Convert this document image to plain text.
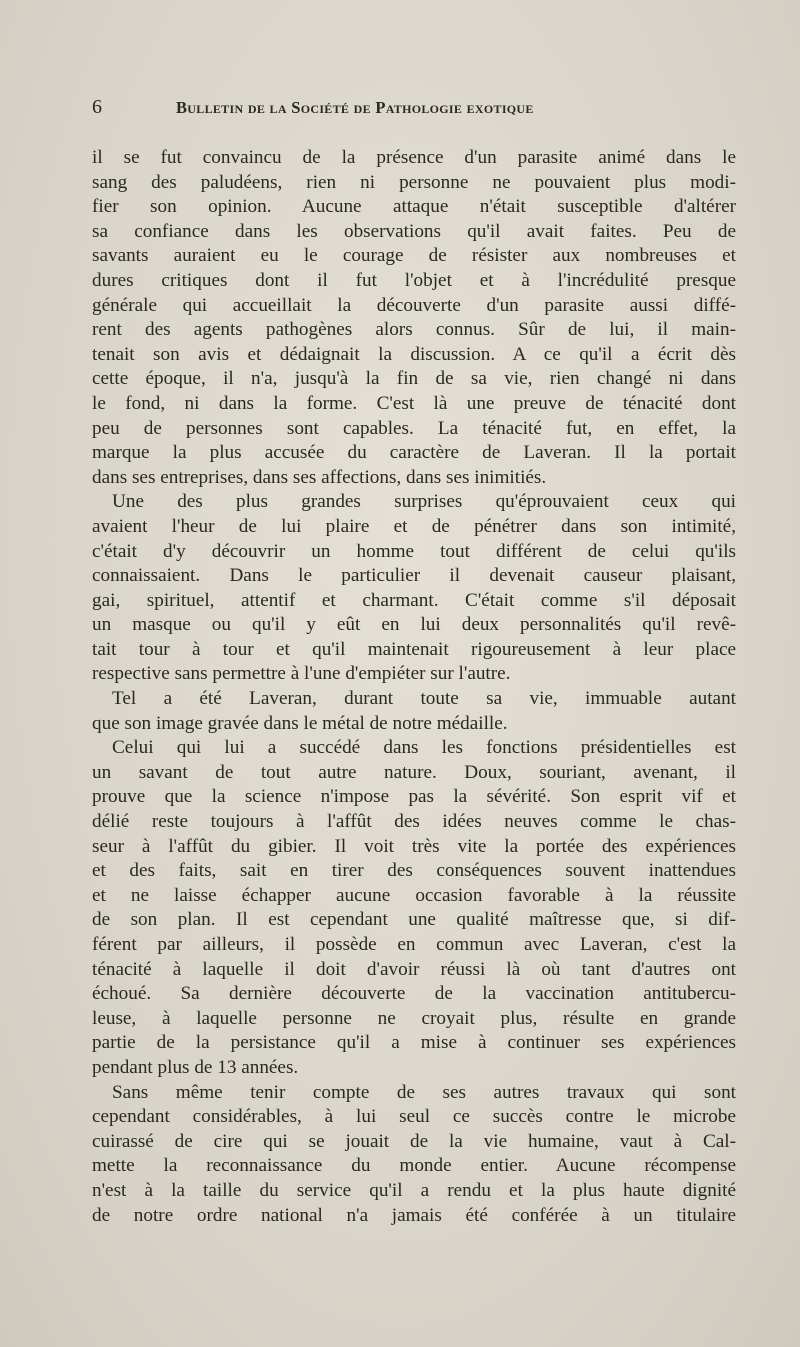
6	Bulletin de la Société de Pathologie exotique
il se fut convaincu de la présence d'un parasite animé dans le
sang des paludéens, rien ni personne ne pouvaient plus modi-
fier son opinion. Aucune attaque n'était susceptible d'altérer
sa confiance dans les observations qu'il avait faites. Peu de
savants auraient eu le courage de résister aux nombreuses et
dures critiques dont il fut l'objet et à l'incrédulité presque
générale qui accueillait la découverte d'un parasite aussi diffé-
rent des agents pathogènes alors connus. Sûr de lui, il main-
tenait son avis et dédaignait la discussion. A ce qu'il a écrit dès
cette époque, il n'a, jusqu'à la fin de sa vie, rien changé ni dans
le fond, ni dans la forme. C'est là une preuve de ténacité dont
peu de personnes sont capables. La ténacité fut, en effet, la
marque la plus accusée du caractère de Laveran. Il la portait
dans ses entreprises, dans ses affections, dans ses inimitiés.
Une des plus grandes surprises qu'éprouvaient ceux qui
avaient l'heur de lui plaire et de pénétrer dans son intimité,
c'était d'y découvrir un homme tout différent de celui qu'ils
connaissaient. Dans le particulier il devenait causeur plaisant,
gai, spirituel, attentif et charmant. C'était comme s'il déposait
un masque ou qu'il y eût en lui deux personnalités qu'il revê-
tait tour à tour et qu'il maintenait rigoureusement à leur place
respective sans permettre à l'une d'empiéter sur l'autre.
Tel a été Laveran, durant toute sa vie, immuable autant
que son image gravée dans le métal de notre médaille.
Celui qui lui a succédé dans les fonctions présidentielles est
un savant de tout autre nature. Doux, souriant, avenant, il
prouve que la science n'impose pas la sévérité. Son esprit vif et
délié reste toujours à l'affût des idées neuves comme le chas-
seur à l'affût du gibier. Il voit très vite la portée des expériences
et des faits, sait en tirer des conséquences souvent inattendues
et ne laisse échapper aucune occasion favorable à la réussite
de son plan. Il est cependant une qualité maîtresse que, si dif-
férent par ailleurs, il possède en commun avec Laveran, c'est la
ténacité à laquelle il doit d'avoir réussi là où tant d'autres ont
échoué. Sa dernière découverte de la vaccination antitubercu-
leuse, à laquelle personne ne croyait plus, résulte en grande
partie de la persistance qu'il a mise à continuer ses expériences
pendant plus de 13 années.
Sans même tenir compte de ses autres travaux qui sont
cependant considérables, à lui seul ce succès contre le microbe
cuirassé de cire qui se jouait de la vie humaine, vaut à Cal-
mette la reconnaissance du monde entier. Aucune récompense
n'est à la taille du service qu'il a rendu et la plus haute dignité
de notre ordre national n'a jamais été conférée à un titulaire
